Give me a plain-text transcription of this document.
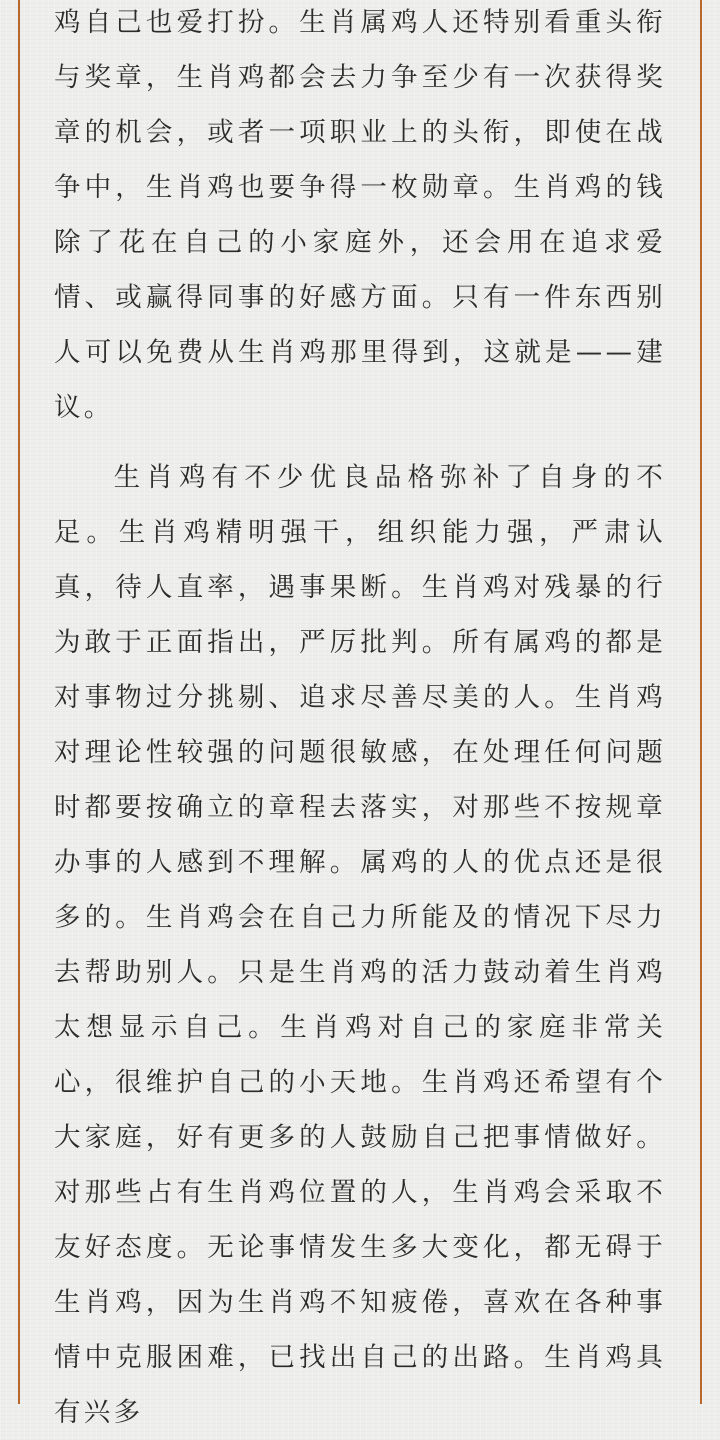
鸡自己也爱打扮。生肖属鸡人还特别看重头衔与奖章，生肖鸡都会去力争至少有一次获得奖章的机会，或者一项职业上的头衔，即使在战争中，生肖鸡也要争得一枚勋章。生肖鸡的钱除了花在自己的小家庭外，还会用在追求爱情、或赢得同事的好感方面。只有一件东西别人可以免费从生肖鸡那里得到，这就是——建议。

生肖鸡有不少优良品格弥补了自身的不足。生肖鸡精明强干，组织能力强，严肃认真，待人直率，遇事果断。生肖鸡对残暴的行为敢于正面指出，严厉批判。所有属鸡的都是对事物过分挑剔、追求尽善尽美的人。生肖鸡对理论性较强的问题很敏感，在处理任何问题时都要按确立的章程去落实，对那些不按规章办事的人感到不理解。属鸡的人的优点还是很多的。生肖鸡会在自己力所能及的情况下尽力去帮助别人。只是生肖鸡的活力鼓动着生肖鸡太想显示自己。生肖鸡对自己的家庭非常关心，很维护自己的小天地。生肖鸡还希望有个大家庭，好有更多的人鼓励自己把事情做好。对那些占有生肖鸡位置的人，生肖鸡会采取不友好态度。无论事情发生多大变化，都无碍于生肖鸡，因为生肖鸡不知疲倦，喜欢在各种事情中克服困难，已找出自己的出路。生肖鸡具有兴多
